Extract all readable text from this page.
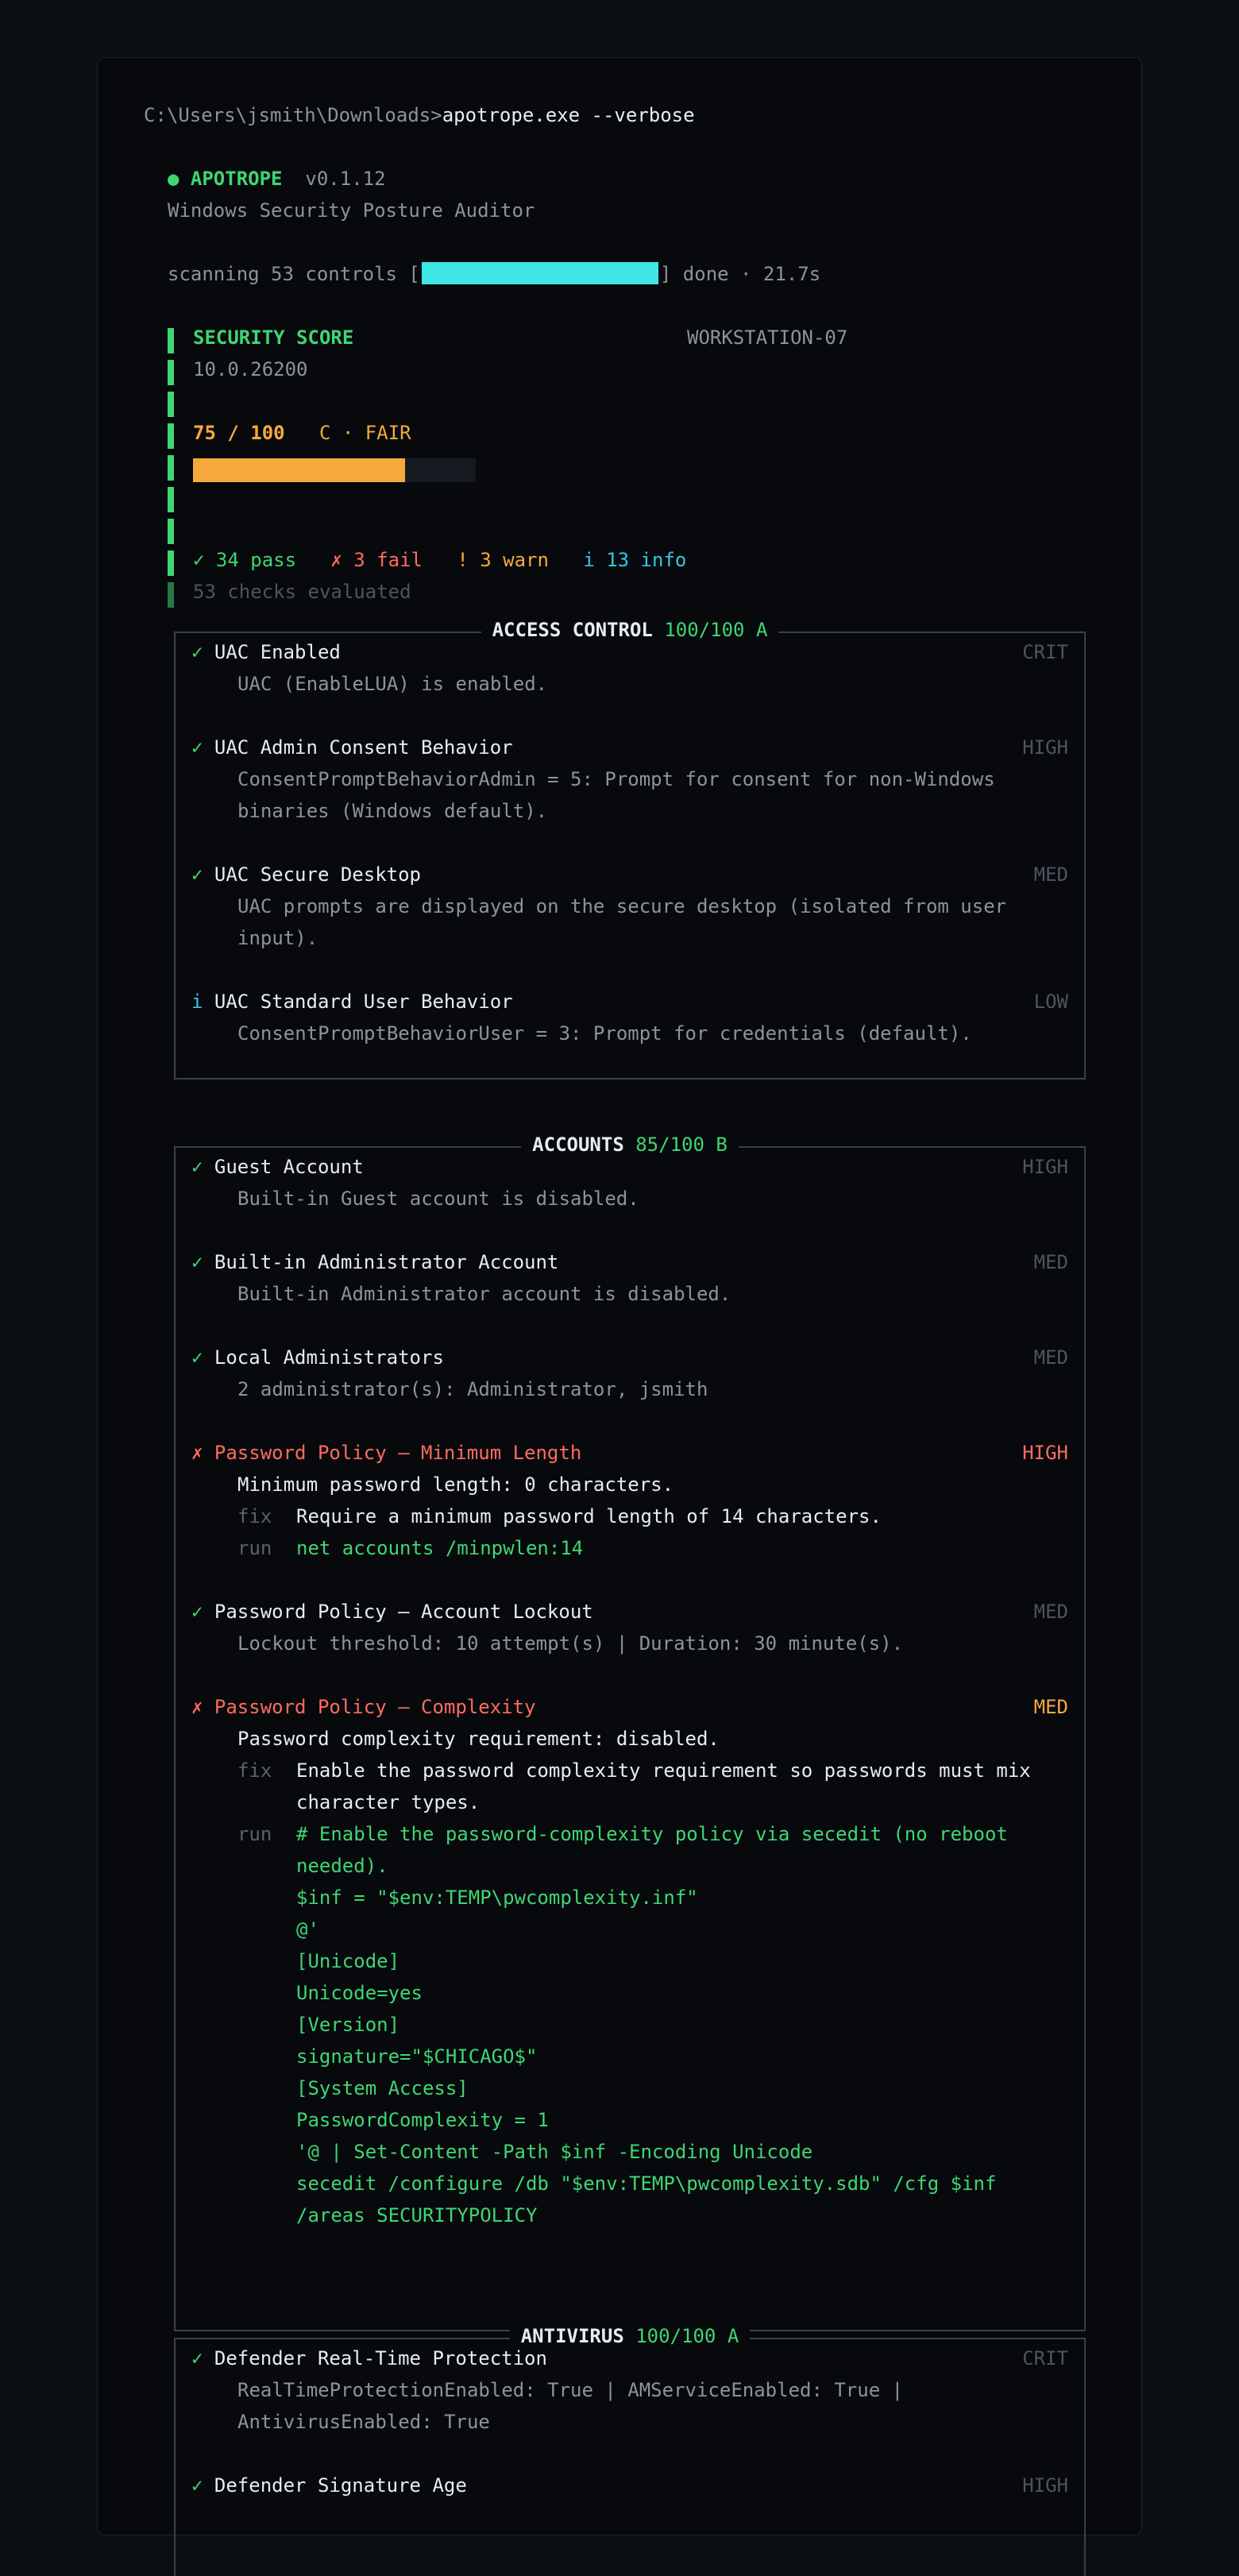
C:\Users\jsmith\Downloads>apotrope.exe --verbose
● APOTROPE v0.1.12
Windows Security Posture Auditor
scanning 53 controls [	] done · 21.7s
SECURITY SCORE	WORKSTATION-07
10.0.26200
75 / 100 C · FAIR
✓ 34 pass ✗ 3 fail ! 3 warn i 13 info
53 checks evaluated
ACCESS CONTROL 100/100 A
✓ UAC Enabled	CRIT
UAC (EnableLUA) is enabled.
✓ UAC Admin Consent Behavior	HIGH
ConsentPromptBehaviorAdmin = 5: Prompt for consent for non-Windows binaries (Windows default).
✓ UAC Secure Desktop	MED
UAC prompts are displayed on the secure desktop (isolated from user input).
i UAC Standard User Behavior	LOW
ConsentPromptBehaviorUser = 3: Prompt for credentials (default).
ACCOUNTS 85/100 B
✓ Guest Account	HIGH
Built-in Guest account is disabled.
✓ Built-in Administrator Account	MED
Built-in Administrator account is disabled.
✓ Local Administrators	MED
2 administrator(s): Administrator, jsmith
✗ Password Policy — Minimum Length	HIGH
Minimum password length: 0 characters.
fix	Require a minimum password length of 14 characters.
run	net accounts /minpwlen:14
✓ Password Policy — Account Lockout	MED
Lockout threshold: 10 attempt(s) | Duration: 30 minute(s).
✗ Password Policy — Complexity	MED
Password complexity requirement: disabled.
fix	Enable the password complexity requirement so passwords must mix character types.
run	# Enable the password-complexity policy via secedit (no reboot
needed).
$inf = "$env:TEMP\pwcomplexity.inf"
@'
[Unicode]
Unicode=yes
[Version]
signature="$CHICAGO$"
[System Access]
PasswordComplexity = 1
'@ | Set-Content -Path $inf -Encoding Unicode
secedit /configure /db "$env:TEMP\pwcomplexity.sdb" /cfg $inf
/areas SECURITYPOLICY
ANTIVIRUS 100/100 A
✓ Defender Real-Time Protection	CRIT
RealTimeProtectionEnabled: True | AMServiceEnabled: True | AntivirusEnabled: True
✓ Defender Signature Age	HIGH
